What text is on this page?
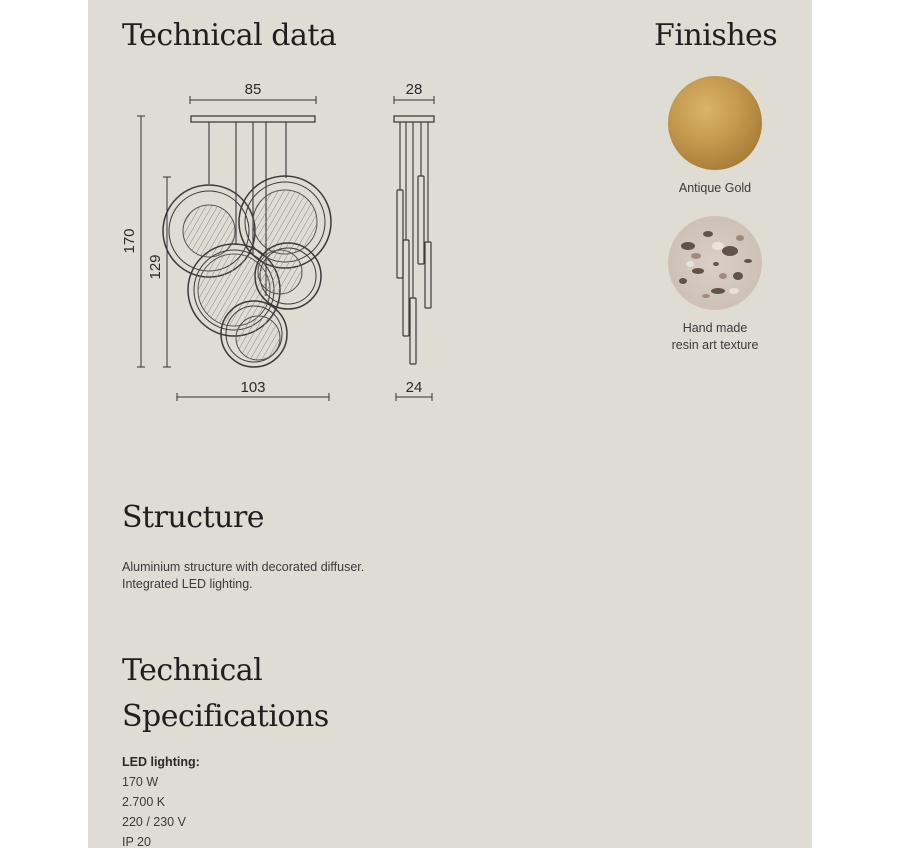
Technical data	Finishes
85
170
129
103
28
24
Antique Gold
Hand made
resin art texture
Structure
Aluminium structure with decorated diffuser.
Integrated LED lighting.
Technical
Specifications
LED lighting:
170 W
2.700 K
220 / 230 V
IP 20
